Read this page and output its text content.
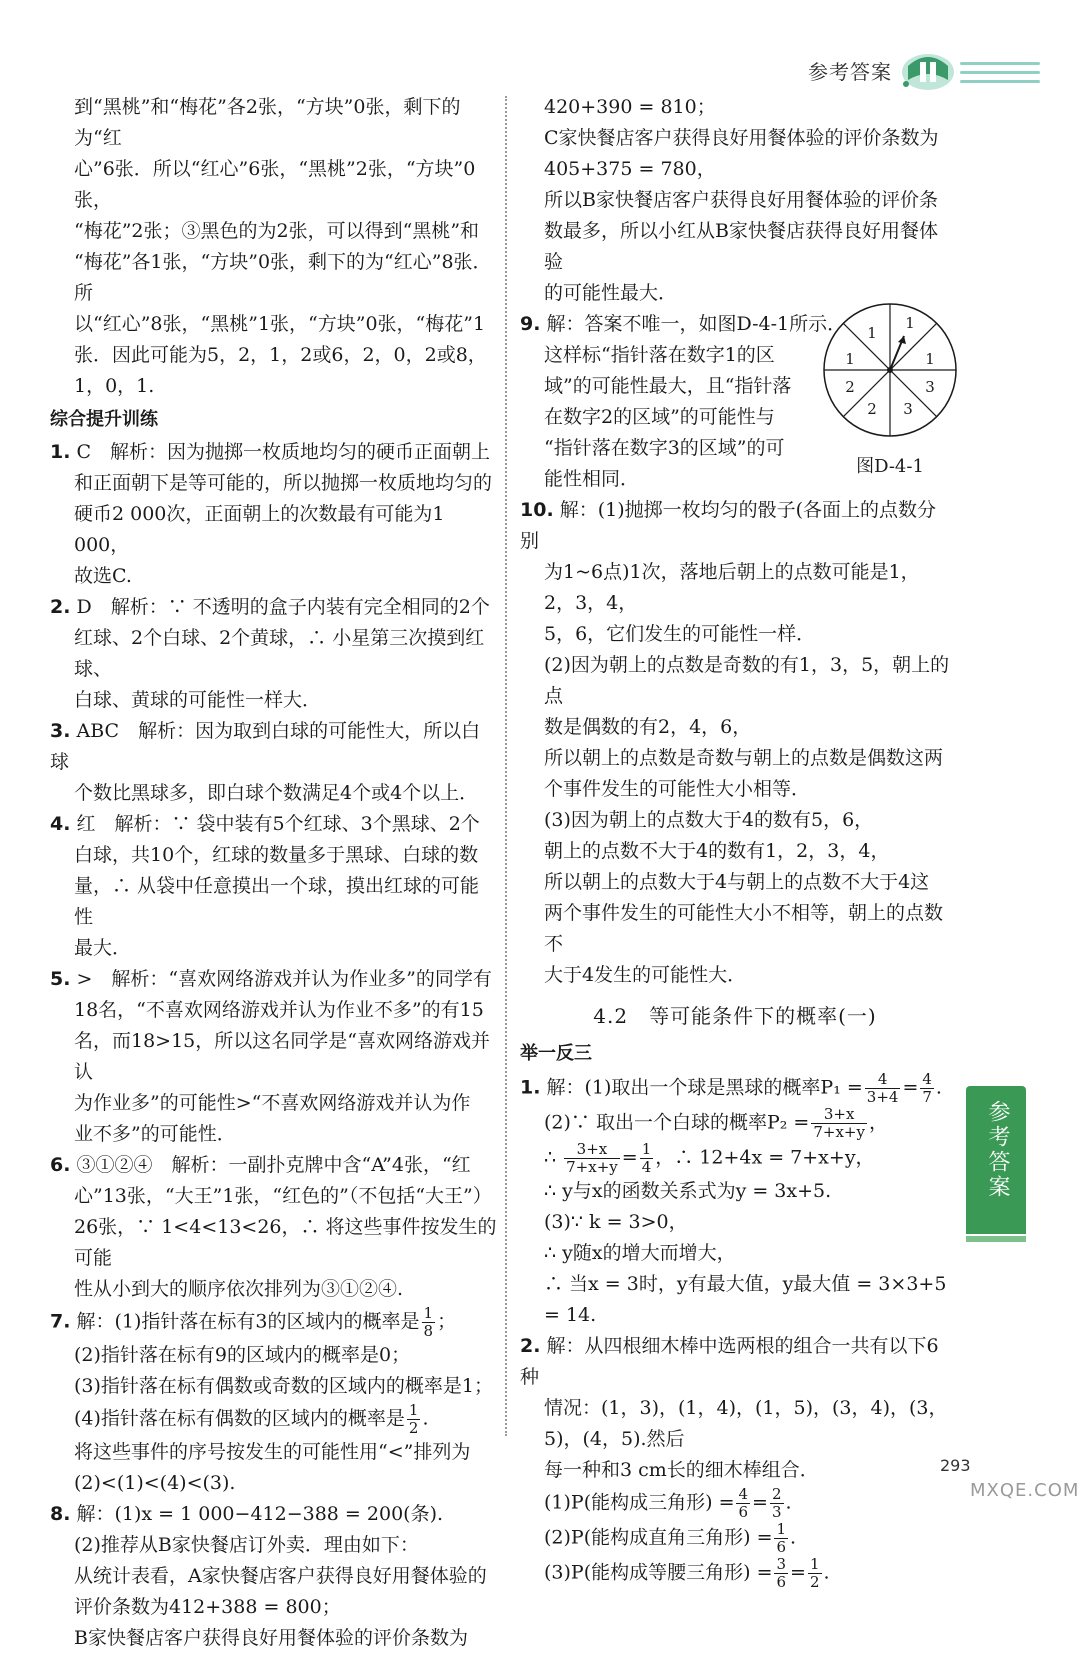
参考答案

到“黑桃”和“梅花”各2张，“方块”0张，剩下的为“红

心”6张．所以“红心”6张，“黑桃”2张，“方块”0张，

“梅花”2张；③黑色的为2张，可以得到“黑桃”和

“梅花”各1张，“方块”0张，剩下的为“红心”8张．所

以“红心”8张，“黑桃”1张，“方块”0张，“梅花”1

张．因此可能为5，2，1，2或6，2，0，2或8，1，0，1.

综合提升训练

1. C　解析：因为抛掷一枚质地均匀的硬币正面朝上

和正面朝下是等可能的，所以抛掷一枚质地均匀的

硬币2 000次，正面朝上的次数最有可能为1 000，

故选C.

2. D　解析：∵ 不透明的盒子内装有完全相同的2个

红球、2个白球、2个黄球，∴ 小星第三次摸到红球、

白球、黄球的可能性一样大．

3. ABC　解析：因为取到白球的可能性大，所以白球

个数比黑球多，即白球个数满足4个或4个以上．

4. 红　解析：∵ 袋中装有5个红球、3个黑球、2个

白球，共10个，红球的数量多于黑球、白球的数

量，∴ 从袋中任意摸出一个球，摸出红球的可能性

最大．

5. >　解析：“喜欢网络游戏并认为作业多”的同学有

18名，“不喜欢网络游戏并认为作业不多”的有15

名，而18>15，所以这名同学是“喜欢网络游戏并认

为作业多”的可能性>“不喜欢网络游戏并认为作

业不多”的可能性．

6. ③①②④　解析：一副扑克牌中含“A”4张，“红

心”13张，“大王”1张，“红色的”（不包括“大王”）

26张，∵ 1<4<13<26，∴ 将这些事件按发生的可能

性从小到大的顺序依次排列为③①②④.

7. 解：(1)指针落在标有3的区域内的概率是 $\frac{1}{8}$ ；

(2)指针落在标有9的区域内的概率是0；

(3)指针落在标有偶数或奇数的区域内的概率是1；

(4)指针落在标有偶数的区域内的概率是 $\frac{1}{2}$ .

将这些事件的序号按发生的可能性用“<”排列为

(2)<(1)<(4)<(3).

8. 解：(1)x = 1 000−412−388 = 200(条).

(2)推荐从B家快餐店订外卖．理由如下：

从统计表看，A家快餐店客户获得良好用餐体验的

评价条数为412+388 = 800；

B家快餐店客户获得良好用餐体验的评价条数为

420+390 = 810；

C家快餐店客户获得良好用餐体验的评价条数为

405+375 = 780，

所以B家快餐店客户获得良好用餐体验的评价条

数最多，所以小红从B家快餐店获得良好用餐体验

的可能性最大．

9. 解：答案不唯一，如图D-4-1所示．

这样标“指针落在数字1的区

域”的可能性最大，且“指针落

在数字2的区域”的可能性与

“指针落在数字3的区域”的可

能性相同．

10. 解：(1)抛掷一枚均匀的骰子(各面上的点数分别

为1~6点)1次，落地后朝上的点数可能是1，2，3，4，

5，6，它们发生的可能性一样．

(2)因为朝上的点数是奇数的有1，3，5，朝上的点

数是偶数的有2，4，6，

所以朝上的点数是奇数与朝上的点数是偶数这两

个事件发生的可能性大小相等．

(3)因为朝上的点数大于4的数有5，6，

朝上的点数不大于4的数有1，2，3，4，

所以朝上的点数大于4与朝上的点数不大于4这

两个事件发生的可能性大小不相等，朝上的点数不

大于4发生的可能性大．

4.2　等可能条件下的概率(一)

举一反三

1. 解：(1)取出一个球是黑球的概率$P_1 = \frac{4}{3+4} = \frac{4}{7}$ .

(2)∵ 取出一个白球的概率$P_2 = \frac{3+x}{7+x+y}$ ，

∴ $\frac{3+x}{7+x+y} = \frac{1}{4}$ ，∴ 12+4x = 7+x+y，

∴ y与x的函数关系式为y = 3x+5.

(3)∵ k = 3>0，

∴ y随x的增大而增大，

∴ 当x = 3时，y有最大值，y最大值 = 3×3+5 = 14.

2. 解：从四根细木棒中选两根的组合一共有以下6种

情况：(1，3)，(1，4)，(1，5)，(3，4)，(3，5)，(4，5).然后

每一种和3 cm长的细木棒组合．

(1)P(能构成三角形) = $\frac{4}{6} = \frac{2}{3}$ .

(2)P(能构成直角三角形) = $\frac{1}{6}$ .

(3)P(能构成等腰三角形) = $\frac{3}{6} = \frac{1}{2}$ .

1
1
1	1
3
3
2
2
图D-4-1
参考答案
293
MXQE.COM
